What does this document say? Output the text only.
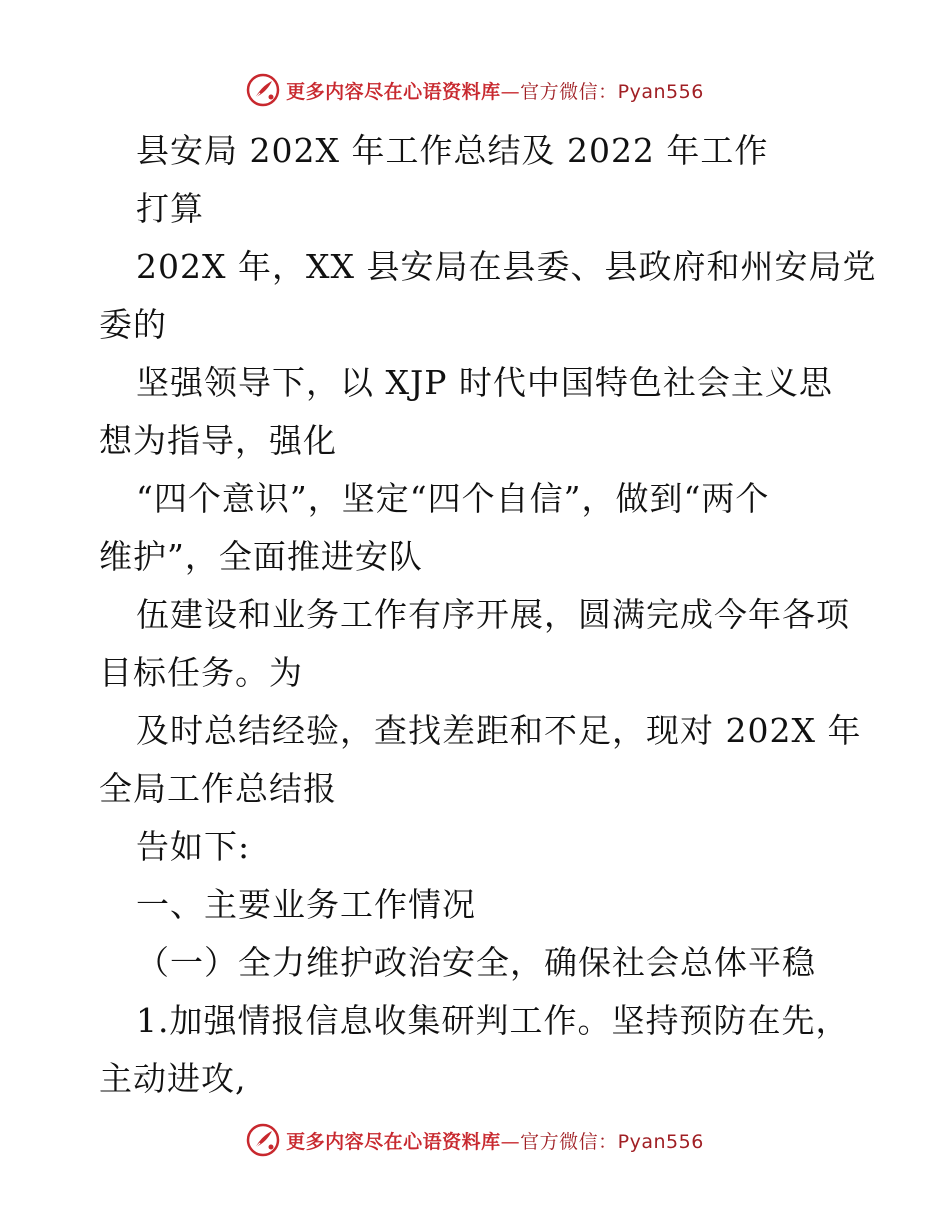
更多内容尽在心语资料库—官方微信：Pyan556
县安局 202X 年工作总结及 2022 年工作
打算
202X 年，XX 县安局在县委、县政府和州安局党
委的
坚强领导下，以 XJP 时代中国特色社会主义思
想为指导，强化
“四个意识”，坚定“四个自信”，做到“两个
维护”，全面推进安队
伍建设和业务工作有序开展，圆满完成今年各项
目标任务。为
及时总结经验，查找差距和不足，现对 202X 年
全局工作总结报
告如下:
一、主要业务工作情况
（一）全力维护政治安全，确保社会总体平稳
1.加强情报信息收集研判工作。坚持预防在先，
主动进攻,
更多内容尽在心语资料库—官方微信：Pyan556
